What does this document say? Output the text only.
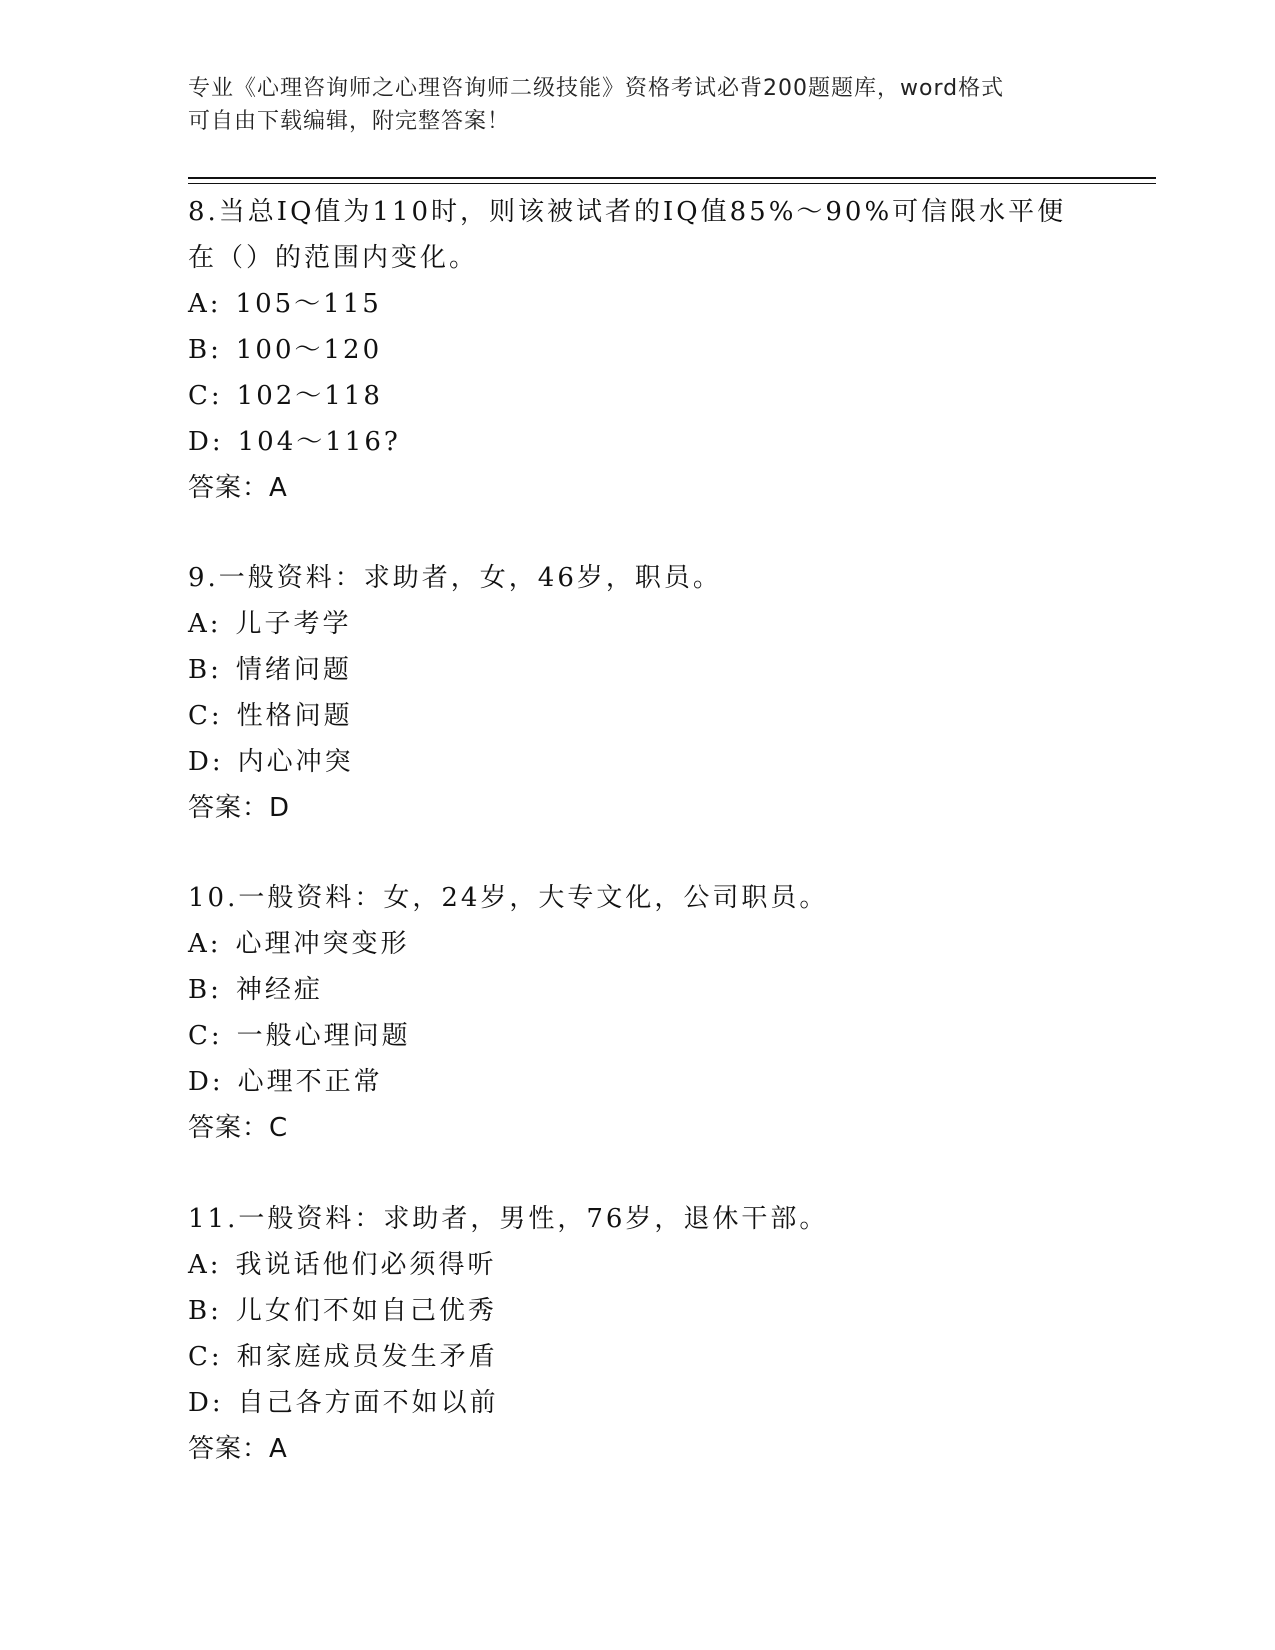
专业《心理咨询师之心理咨询师二级技能》资格考试必背200题题库，word格式
可自由下载编辑，附完整答案！
8.当总IQ值为110时，则该被试者的IQ值85%～90%可信限水平便
在（）的范围内变化。
A: 105～115
B: 100～120
C: 102～118
D: 104～116?
答案：A
9.一般资料：求助者，女，46岁，职员。
A: 儿子考学
B: 情绪问题
C: 性格问题
D: 内心冲突
答案：D
10.一般资料：女，24岁，大专文化，公司职员。
A: 心理冲突变形
B: 神经症
C: 一般心理问题
D: 心理不正常
答案：C
11.一般资料：求助者，男性，76岁，退休干部。
A: 我说话他们必须得听
B: 儿女们不如自己优秀
C: 和家庭成员发生矛盾
D: 自己各方面不如以前
答案：A
